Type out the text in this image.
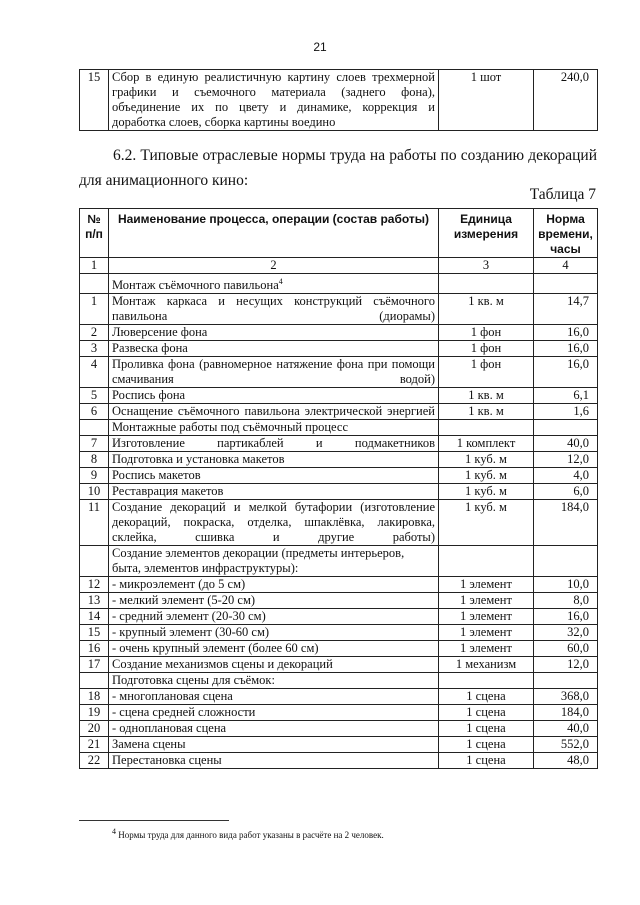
21
15	Сбор в единую реалистичную картину слоев трехмерной графики и съемочного материала (заднего фона), объединение их по цвету и динамике, коррекция и доработка слоев, сборка картины воедино	1 шот	240,0
6.2. Типовые отраслевые нормы труда на работы по созданию декораций для анимационного кино:
Таблица 7
№ п/п	Наименование процесса, операции (состав работы)	Единица измерения	Норма времени, часы
1	2	3	4
	Монтаж съёмочного павильона$^4$		
1	Монтаж каркаса и несущих конструкций съёмочного павильона (диорамы)	1 кв. м	14,7
2	Люверсение фона	1 фон	16,0
3	Развеска фона	1 фон	16,0
4	Проливка фона (равномерное натяжение фона при помощи смачивания водой)	1 фон	16,0
5	Роспись фона	1 кв. м	6,1
6	Оснащение съёмочного павильона электрической энергией	1 кв. м	1,6
	Монтажные работы под съёмочный процесс		
7	Изготовление партикаблей и подмакетников	1 комплект	40,0
8	Подготовка и установка макетов	1 куб. м	12,0
9	Роспись макетов	1 куб. м	4,0
10	Реставрация макетов	1 куб. м	6,0
11	Создание декораций и мелкой бутафории (изготовление декораций, покраска, отделка, шпаклёвка, лакировка, склейка, сшивка и другие работы)	1 куб. м	184,0
	Создание элементов декорации (предметы интерьеров, быта, элементов инфраструктуры):		
12	- микроэлемент (до 5 см)	1 элемент	10,0
13	- мелкий элемент (5-20 см)	1 элемент	8,0
14	- средний элемент (20-30 см)	1 элемент	16,0
15	- крупный элемент (30-60 см)	1 элемент	32,0
16	- очень крупный элемент (более 60 см)	1 элемент	60,0
17	Создание механизмов сцены и декораций	1 механизм	12,0
	Подготовка сцены для съёмок:		
18	- многоплановая сцена	1 сцена	368,0
19	- сцена средней сложности	1 сцена	184,0
20	- одноплановая сцена	1 сцена	40,0
21	Замена сцены	1 сцена	552,0
22	Перестановка сцены	1 сцена	48,0
$^4$ Нормы труда для данного вида работ указаны в расчёте на 2 человек.
